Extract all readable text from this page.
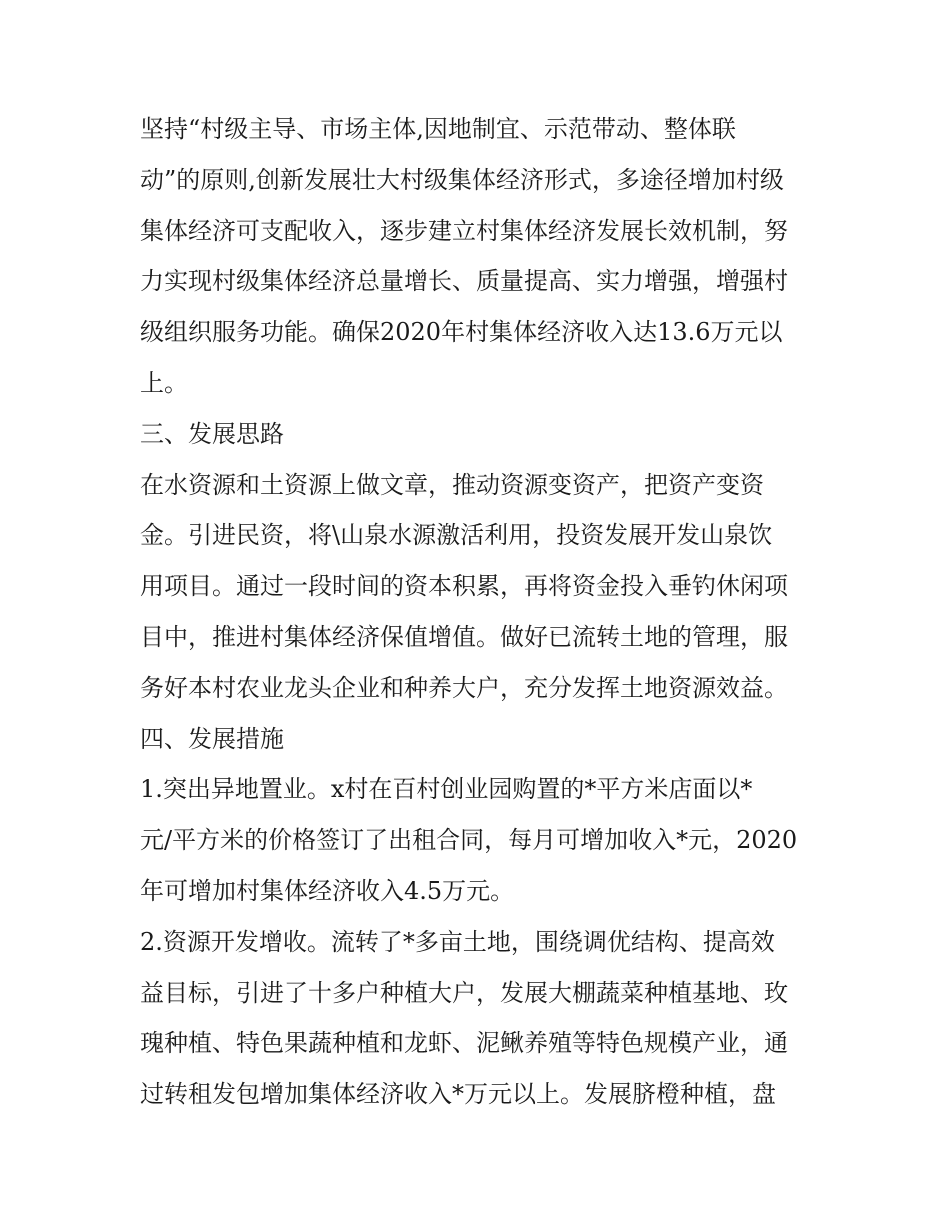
坚持“村级主导、市场主体,因地制宜、示范带动、整体联
动”的原则,创新发展壮大村级集体经济形式，多途径增加村级
集体经济可支配收入，逐步建立村集体经济发展长效机制，努
力实现村级集体经济总量增长、质量提高、实力增强，增强村
级组织服务功能。确保2020年村集体经济收入达13.6万元以
上。
三、发展思路
在水资源和土资源上做文章，推动资源变资产，把资产变资
金。引进民资，将\山泉水源激活利用，投资发展开发山泉饮
用项目。通过一段时间的资本积累，再将资金投入垂钓休闲项
目中，推进村集体经济保值增值。做好已流转土地的管理，服
务好本村农业龙头企业和种养大户，充分发挥土地资源效益。
四、发展措施
1.突出异地置业。x村在百村创业园购置的*平方米店面以*
元/平方米的价格签订了出租合同，每月可增加收入*元，2020
年可增加村集体经济收入4.5万元。
2.资源开发增收。流转了*多亩土地，围绕调优结构、提高效
益目标，引进了十多户种植大户，发展大棚蔬菜种植基地、玫
瑰种植、特色果蔬种植和龙虾、泥鳅养殖等特色规模产业，通
过转租发包增加集体经济收入*万元以上。发展脐橙种植，盘
